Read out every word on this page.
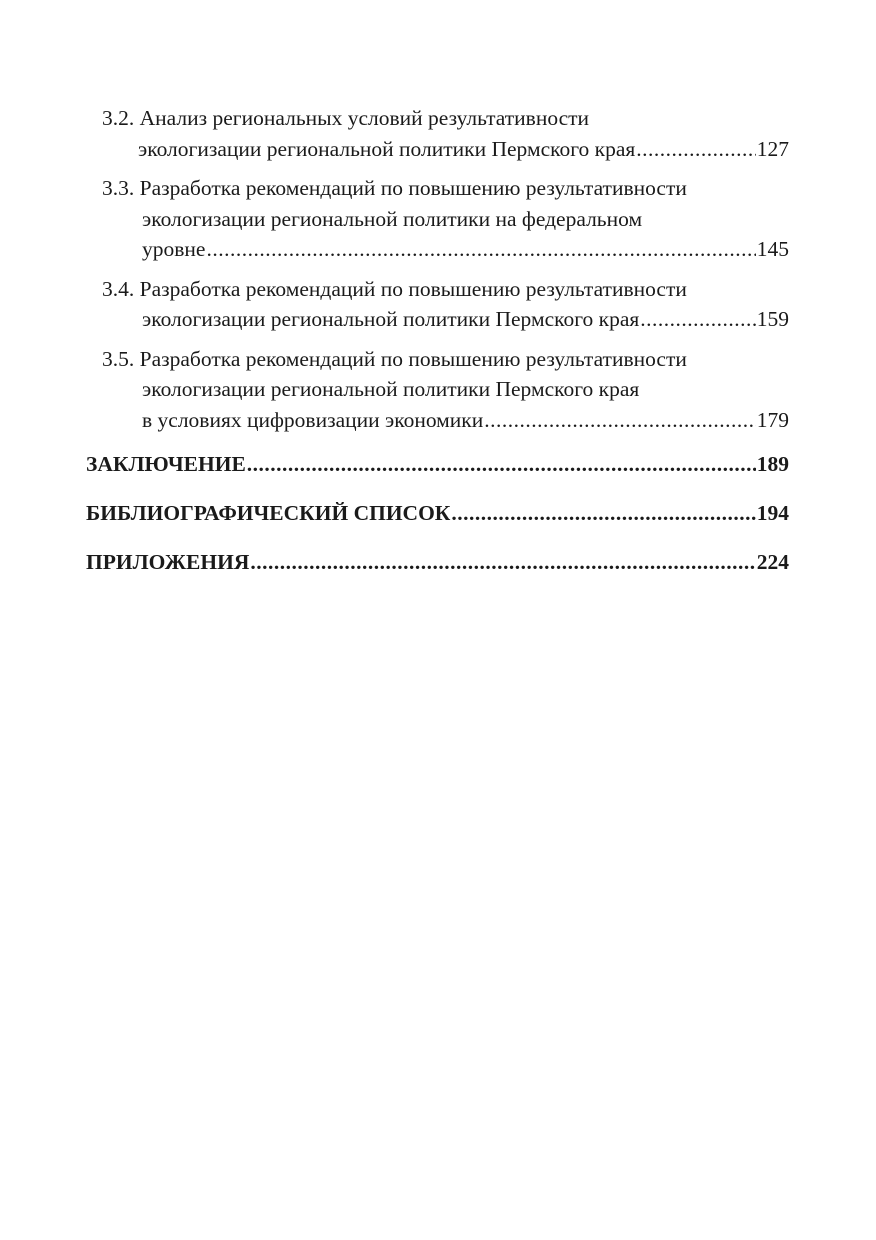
3.2. Анализ региональных условий результативности
экологизации региональной политики Пермского края .....	127
3.3. Разработка рекомендаций по повышению результативности
экологизации региональной политики на федеральном
уровне .....	145
3.4. Разработка рекомендаций по повышению результативности
экологизации региональной политики Пермского края .....	159
3.5. Разработка рекомендаций по повышению результативности
экологизации региональной политики Пермского края
в условиях цифровизации экономики .....	179
ЗАКЛЮЧЕНИЕ .....	189
БИБЛИОГРАФИЧЕСКИЙ СПИСОК .....	194
ПРИЛОЖЕНИЯ .....	224
